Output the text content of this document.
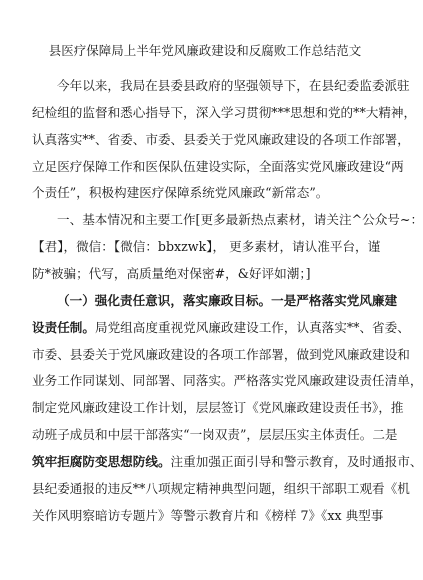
县医疗保障局上半年党风廉政建设和反腐败工作总结范文
今年以来，我局在县委县政府的坚强领导下，在县纪委监委派驻
纪检组的监督和悉心指导下，深入学习贯彻***思想和党的**大精神，
认真落实**、省委、市委、县委关于党风廉政建设的各项工作部署，
立足医疗保障工作和医保队伍建设实际，全面落实党风廉政建设“两
个责任”，积极构建医疗保障系统党风廉政“新常态”。
一、基本情况和主要工作[更多最新热点素材，请关注^公众号~：
【君】，微信：【微信：bbxzwk】， 更多素材，请认准平台，谨
防*被骗；代写，高质量绝对保密#，&好评如潮；]
（一）强化责任意识，落实廉政目标。一是严格落实党风廉建
设责任制。局党组高度重视党风廉政建设工作，认真落实**、省委、
市委、县委关于党风廉政建设的各项工作部署，做到党风廉政建设和
业务工作同谋划、同部署、同落实。严格落实党风廉政建设责任清单，
制定党风廉政建设工作计划，层层签订《党风廉政建设责任书》，推
动班子成员和中层干部落实“一岗双责”，层层压实主体责任。二是
筑牢拒腐防变思想防线。注重加强正面引导和警示教育，及时通报市、
县纪委通报的违反**八项规定精神典型问题，组织干部职工观看《机
关作风明察暗访专题片》等警示教育片和《榜样 7》《xx 典型事
